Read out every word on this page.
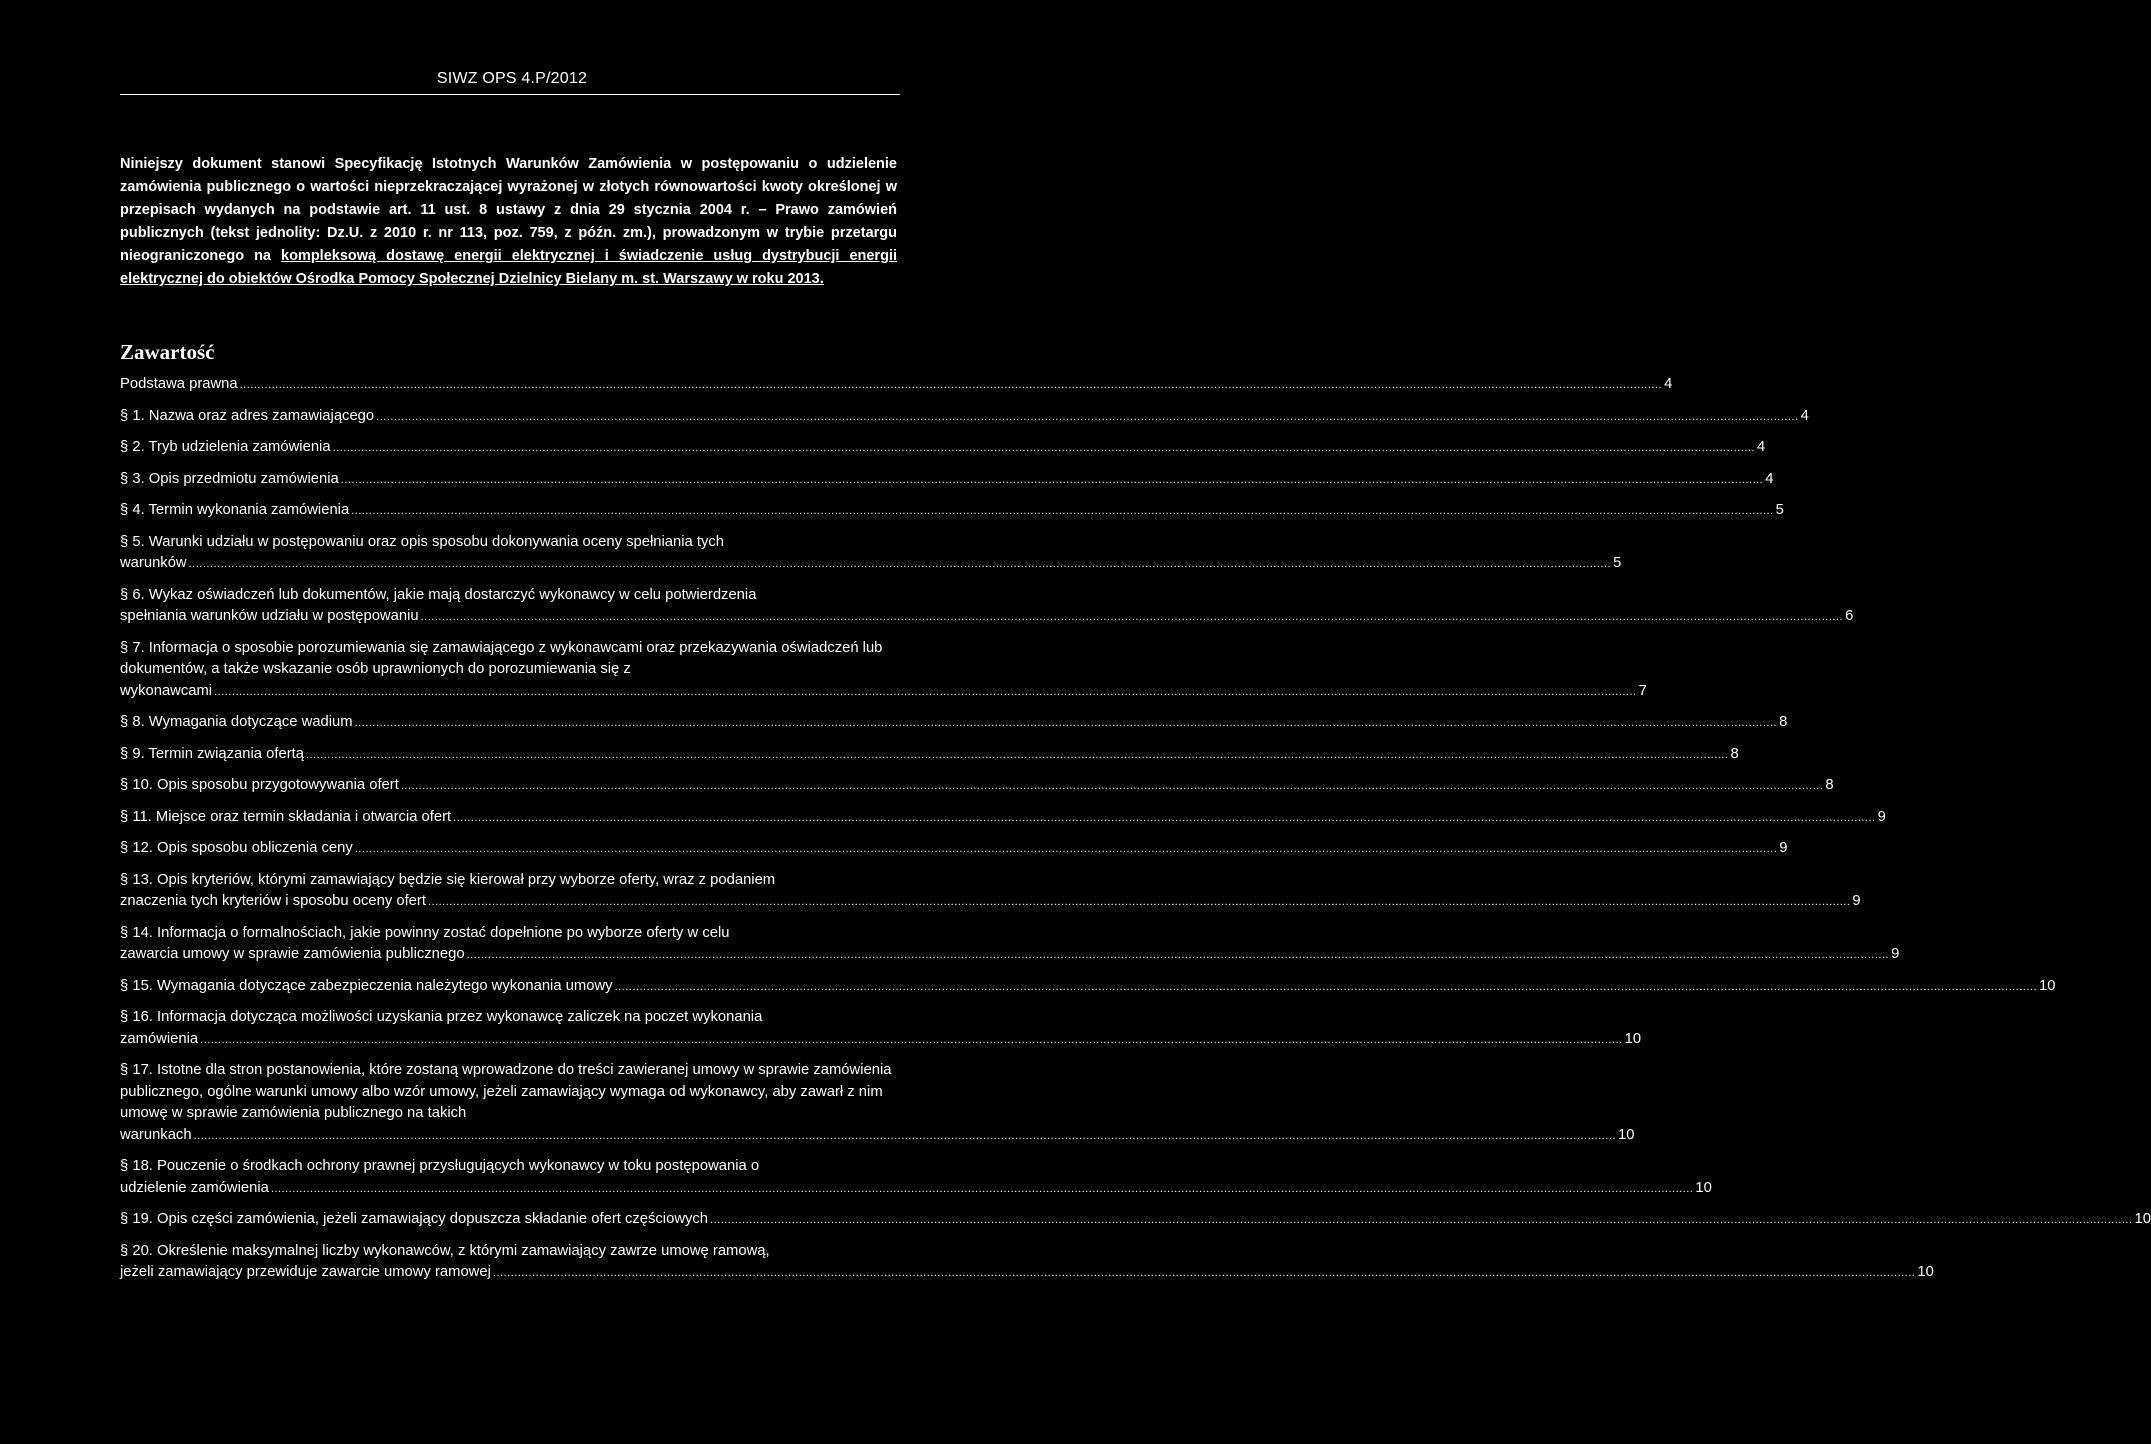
SIWZ OPS 4.P/2012
Niniejszy dokument stanowi Specyfikację Istotnych Warunków Zamówienia w postępowaniu o udzielenie zamówienia publicznego o wartości nieprzekraczającej wyrażonej w złotych równowartości kwoty określonej w przepisach wydanych na podstawie art. 11 ust. 8 ustawy z dnia 29 stycznia 2004 r. – Prawo zamówień publicznych (tekst jednolity: Dz.U. z 2010 r. nr 113, poz. 759, z późn. zm.), prowadzonym w trybie przetargu nieograniczonego na kompleksową dostawę energii elektrycznej i świadczenie usług dystrybucji energii elektrycznej do obiektów Ośrodka Pomocy Społecznej Dzielnicy Bielany m. st. Warszawy w roku 2013.
Zawartość
Podstawa prawna ................................................................................................................................................................................................................................................................................................................................................................................................................ 4
§ 1. Nazwa oraz adres zamawiającego ................................................................................................................................................................................................................................................................................................................................................................................................................ 4
§ 2. Tryb udzielenia zamówienia ................................................................................................................................................................................................................................................................................................................................................................................................................ 4
§ 3. Opis przedmiotu zamówienia ................................................................................................................................................................................................................................................................................................................................................................................................................ 4
§ 4. Termin wykonania zamówienia ................................................................................................................................................................................................................................................................................................................................................................................................................ 5
§ 5. Warunki udziału w postępowaniu oraz opis sposobu dokonywania oceny spełniania tych
warunków ................................................................................................................................................................................................................................................................................................................................................................................................................ 5
§ 6. Wykaz oświadczeń lub dokumentów, jakie mają dostarczyć wykonawcy w celu potwierdzenia
spełniania warunków udziału w postępowaniu ................................................................................................................................................................................................................................................................................................................................................................................................................ 6
§ 7. Informacja o sposobie porozumiewania się zamawiającego z wykonawcami oraz przekazywania oświadczeń lub dokumentów, a także wskazanie osób uprawnionych do porozumiewania się z
wykonawcami ................................................................................................................................................................................................................................................................................................................................................................................................................ 7
§ 8. Wymagania dotyczące wadium ................................................................................................................................................................................................................................................................................................................................................................................................................ 8
§ 9. Termin związania ofertą ................................................................................................................................................................................................................................................................................................................................................................................................................ 8
§ 10. Opis sposobu przygotowywania ofert ................................................................................................................................................................................................................................................................................................................................................................................................................ 8
§ 11. Miejsce oraz termin składania i otwarcia ofert ................................................................................................................................................................................................................................................................................................................................................................................................................ 9
§ 12. Opis sposobu obliczenia ceny ................................................................................................................................................................................................................................................................................................................................................................................................................ 9
§ 13. Opis kryteriów, którymi zamawiający będzie się kierował przy wyborze oferty, wraz z podaniem
znaczenia tych kryteriów i sposobu oceny ofert ................................................................................................................................................................................................................................................................................................................................................................................................................ 9
§ 14. Informacja o formalnościach, jakie powinny zostać dopełnione po wyborze oferty w celu
zawarcia umowy w sprawie zamówienia publicznego ................................................................................................................................................................................................................................................................................................................................................................................................................ 9
§ 15. Wymagania dotyczące zabezpieczenia należytego wykonania umowy ................................................................................................................................................................................................................................................................................................................................................................................................................ 10
§ 16. Informacja dotycząca możliwości uzyskania przez wykonawcę zaliczek na poczet wykonania
zamówienia ................................................................................................................................................................................................................................................................................................................................................................................................................ 10
§ 17. Istotne dla stron postanowienia, które zostaną wprowadzone do treści zawieranej umowy w sprawie zamówienia publicznego, ogólne warunki umowy albo wzór umowy, jeżeli zamawiający wymaga od wykonawcy, aby zawarł z nim umowę w sprawie zamówienia publicznego na takich
warunkach ................................................................................................................................................................................................................................................................................................................................................................................................................ 10
§ 18. Pouczenie o środkach ochrony prawnej przysługujących wykonawcy w toku postępowania o
udzielenie zamówienia ................................................................................................................................................................................................................................................................................................................................................................................................................ 10
§ 19. Opis części zamówienia, jeżeli zamawiający dopuszcza składanie ofert częściowych ................................................................................................................................................................................................................................................................................................................................................................................................................ 10
§ 20. Określenie maksymalnej liczby wykonawców, z którymi zamawiający zawrze umowę ramową,
jeżeli zamawiający przewiduje zawarcie umowy ramowej ................................................................................................................................................................................................................................................................................................................................................................................................................ 10
